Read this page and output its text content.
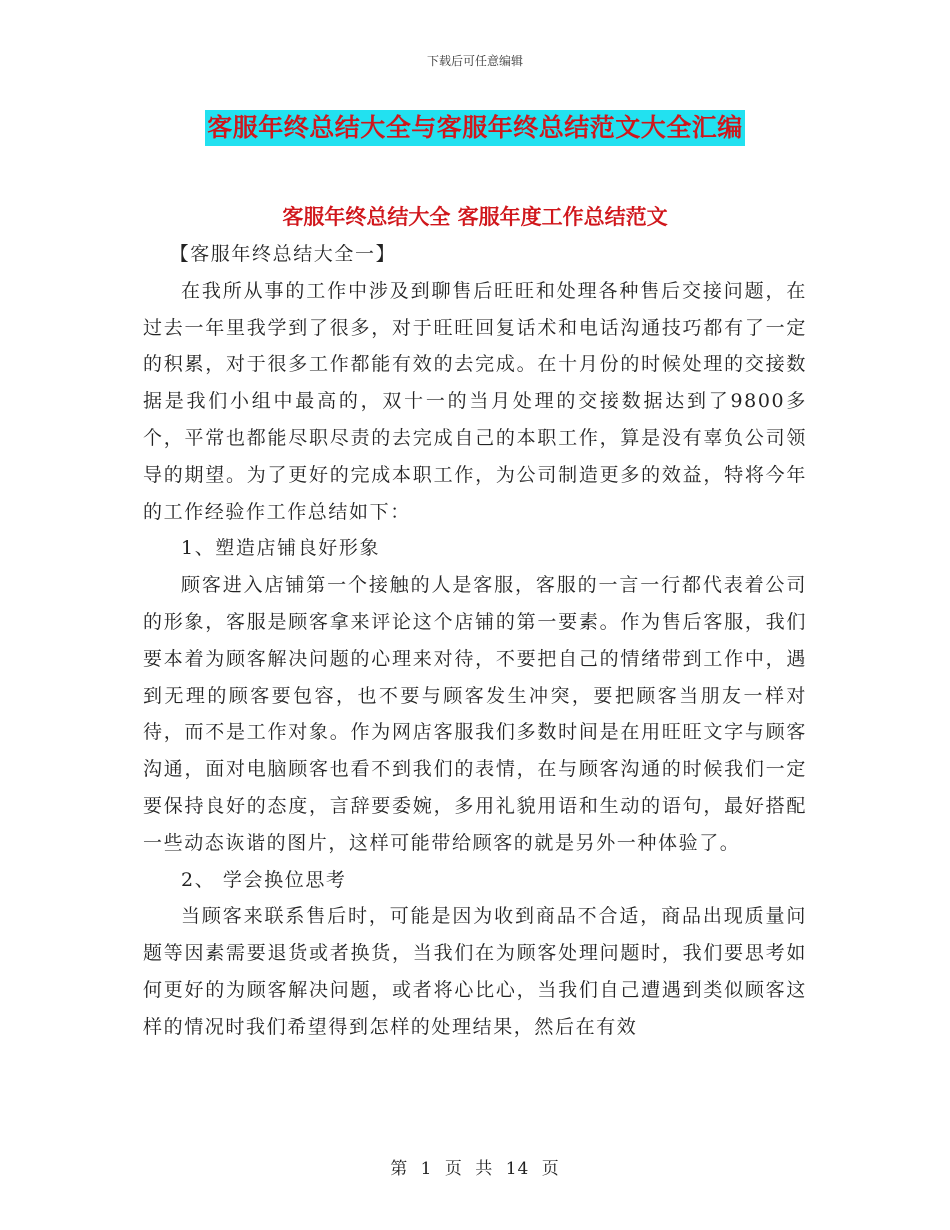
下载后可任意编辑
客服年终总结大全与客服年终总结范文大全汇编
客服年终总结大全 客服年度工作总结范文

【客服年终总结大全一】

在我所从事的工作中涉及到聊售后旺旺和处理各种售后交接问题，在过去一年里我学到了很多，对于旺旺回复话术和电话沟通技巧都有了一定的积累，对于很多工作都能有效的去完成。在十月份的时候处理的交接数据是我们小组中最高的，双十一的当月处理的交接数据达到了9800多个，平常也都能尽职尽责的去完成自己的本职工作，算是没有辜负公司领导的期望。为了更好的完成本职工作，为公司制造更多的效益，特将今年的工作经验作工作总结如下：

1、塑造店铺良好形象

顾客进入店铺第一个接触的人是客服，客服的一言一行都代表着公司的形象，客服是顾客拿来评论这个店铺的第一要素。作为售后客服，我们要本着为顾客解决问题的心理来对待，不要把自己的情绪带到工作中，遇到无理的顾客要包容，也不要与顾客发生冲突，要把顾客当朋友一样对待，而不是工作对象。作为网店客服我们多数时间是在用旺旺文字与顾客沟通，面对电脑顾客也看不到我们的表情，在与顾客沟通的时候我们一定要保持良好的态度，言辞要委婉，多用礼貌用语和生动的语句，最好搭配一些动态诙谐的图片，这样可能带给顾客的就是另外一种体验了。

2、 学会换位思考

当顾客来联系售后时，可能是因为收到商品不合适，商品出现质量问题等因素需要退货或者换货，当我们在为顾客处理问题时，我们要思考如何更好的为顾客解决问题，或者将心比心，当我们自己遭遇到类似顾客这样的情况时我们希望得到怎样的处理结果，然后在有效

第 1 页 共 14 页
